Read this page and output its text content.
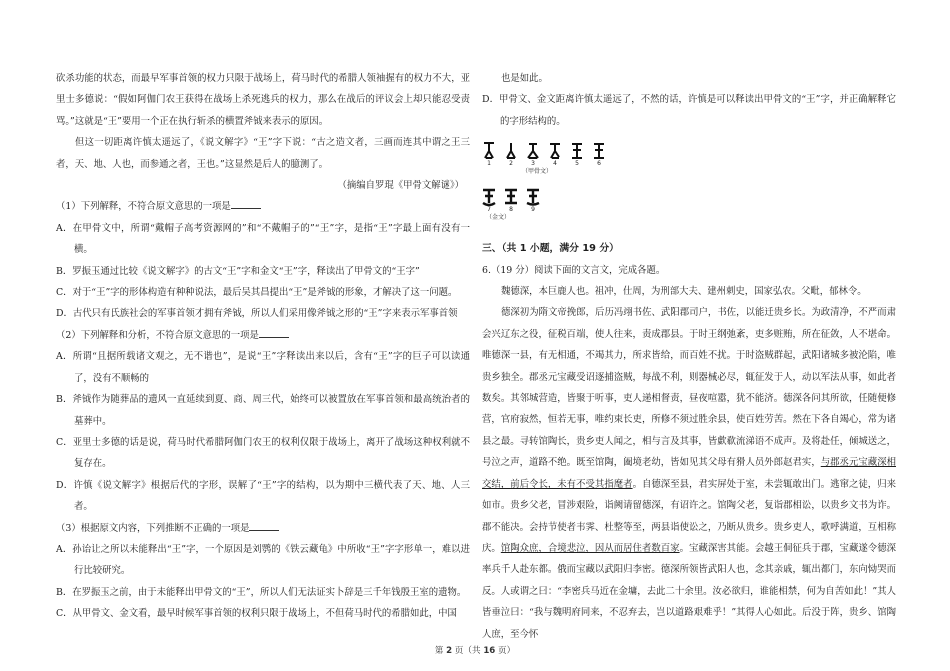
砍杀功能的状态，而最早军事首领的权力只限于战场上，荷马时代的希腊人领袖握有的权力不大，亚里士多德说：“假如阿伽门农王获得在战场上杀死逃兵的权力，那么在战后的评议会上却只能忍受责骂。”这就是“王”要用一个正在执行斩杀的横置斧钺来表示的原因。

但这一切距离许慎太遥远了，《说文解字》“王”字下说：“古之造文者，三画而连其中谓之王三者，天、地、人也，而参通之者，王也。”这显然是后人的臆测了。

（摘编自罗琨《甲骨文解谜》）

（1）下列解释，不符合原文意思的一项是

A．在甲骨文中，所谓“戴帽子高考资源网的”和“不戴帽子的”“王”字，是指“王”字最上面有没有一横。

B．罗振玉通过比较《说文解字》的古文“王”字和金文“王”字，释读出了甲骨文的“王字”

C．对于“王”字的形体构造有种种说法，最后吴其昌提出“王”是斧钺的形象，才解决了这一问题。

D．古代只有氏族社会的军事首领才拥有斧钺，所以人们采用像斧钺之形的“王”字来表示军事首领

（2）下列解释和分析，不符合原文意思的一项是

A．所谓“且据所载诸文观之，无不谐也”，是说“王”字释读出来以后，含有“王”字的巨子可以读通了，没有不顺畅的

B．斧钺作为随葬品的遗风一直延续到夏、商、周三代，始终可以被置放在军事首领和最高统治者的墓葬中。

C．亚里士多德的话是说，荷马时代希腊阿伽门农王的权利仅限于战场上，离开了战场这种权利就不复存在。

D．许慎《说文解字》根据后代的字形，误解了“王”字的结构，以为期中三横代表了天、地、人三者。

（3）根据原文内容，下列推断不正确的一项是

A．孙诒让之所以未能释出“王”字，一个原因是刘鹗的《铁云藏龟》中所收“王”字字形单一，难以进行比较研究。

B．在罗振玉之前，由于未能释出甲骨文的“王”，所以人们无法证实卜辞是三千年钱殷王室的遗物。

C．从甲骨文、金文看，最早时候军事首领的权利只限于战场上，不但荷马时代的希腊如此，中国

也是如此。

D．甲骨文、金文距离许慎太遥远了，不然的话，许慎是可以释读出甲骨文的“王”字，并正确解释它的字形结构的。

1	2	3	4	5	6
（甲骨文）
7	8	9
（金文）

三、（共 1 小题，满分 19 分）

6.（19 分）阅读下面的文言文，完成各题。

魏德深，本巨鹿人也。祖冲，仕周，为刑部大夫、建州刺史，国家弘农。父毗，郁林令。

德深初为隋文帝挽郎，后历冯翊书佐、武阳郡司户，书佐，以能迁贵乡长。为政清净，不严而肃会兴辽东之役，征税百端，使人往来，责成郡县。于时王纲弛紊，吏多赃贿，所在征敛，人不堪命。唯德深一县，有无相通，不竭其力，所求皆给，而百姓不扰。于时盗贼群起，武阳诸城多被沦陷，唯贵乡独全。郡丞元宝藏受诏逐捕盗贼，每战不利，则器械必尽，辄征发于人，动以军法从事，如此者数矣。其邻城营造，皆聚于听事，吏人递相督责，昼夜喧嚣，犹不能济。德深各问其所欲，任随便修营，官府寂然，恒若无事，唯约束长吏，所修不须过胜余县，使百姓劳苦。然在下各自竭心，常为诸县之最。寻转馆陶长，贵乡吏人闻之，相与言及其事，皆歔欷流涕语不成声。及将赴任，倾城送之，号泣之声，道路不绝。既至馆陶，阖境老幼，皆如见其父母有猾人员外郎赵君实，与郡丞元宝藏深相交结，前后令长，未有不受其指麾者。自德深至县，君实屏处于室，未尝辄敢出门。逃窜之徒，归来如市。贵乡父老，冒涉艰险，诣阙请留德深，有诏许之。馆陶父老，复诣郡相讼，以贵乡文书为诈。郡不能决。会持节使者韦霁、杜整等至，两县诣使讼之，乃断从贵乡。贵乡吏人，歌呼满道，互相称庆。馆陶众庶，合境悲泣，因从而居住者数百家。宝藏深害其能。会越王侗征兵于郡，宝藏遂令德深率兵千人赴东都。俄而宝藏以武阳归李密。德深所领皆武阳人也，念其亲戚，辄出都门，东向恸哭而反。人或谓之曰：“李密兵马近在金墉，去此二十余里。汝必欲归，谁能相禁，何为自苦如此！”其人皆垂泣曰：“我与魏明府同来，不忍弃去，岂以道路艰难乎！”其得人心如此。后没于阵，贵乡、馆陶人庶，至今怀

第 2 页（共 16 页）
